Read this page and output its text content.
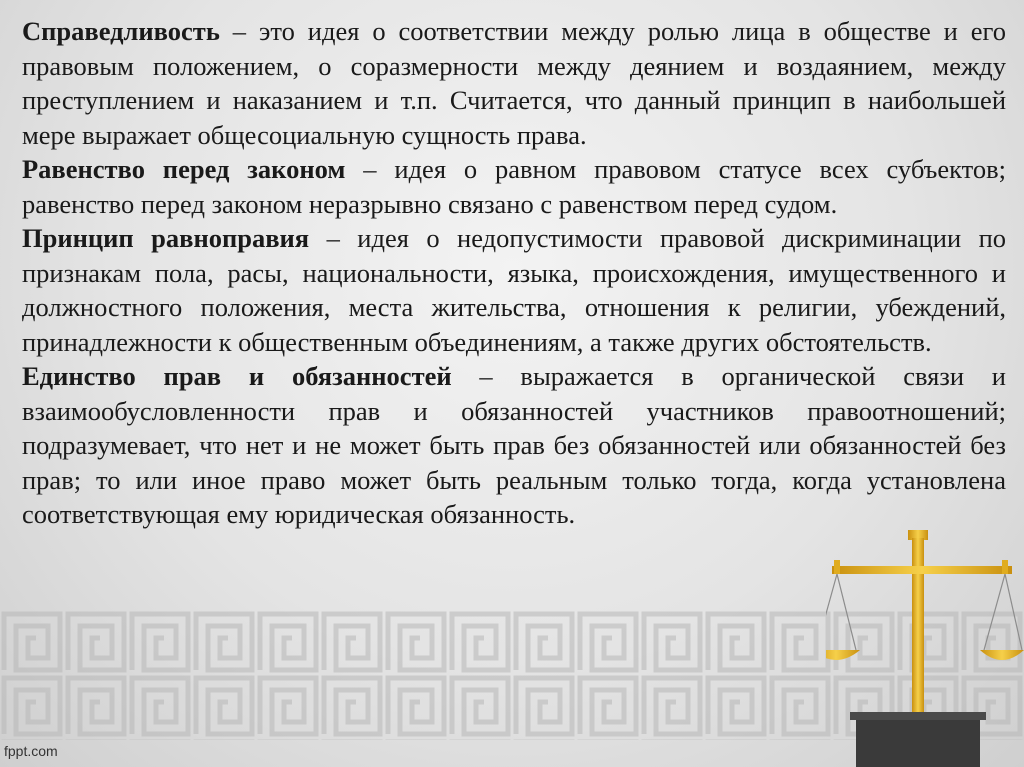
Справедливость – это идея о соответствии между ролью лица в обществе и его правовым положением, о соразмерности между деянием и воздаянием, между преступлением и наказанием и т.п. Считается, что данный принцип в наибольшей мере выражает общесоциальную сущность права.

Равенство перед законом – идея о равном правовом статусе всех субъектов; равенство перед законом неразрывно связано с равенством перед судом.

Принцип равноправия – идея о недопустимости правовой дискриминации по признакам пола, расы, национальности, языка, происхождения, имущественного и должностного положения, места жительства, отношения к религии, убеждений, принадлежности к общественным объединениям, а также других обстоятельств.

Единство прав и обязанностей – выражается в органической связи и взаимообусловленности прав и обязанностей участников правоотношений; подразумевает, что нет и не может быть прав без обязанностей или обязанностей без прав; то или иное право может быть реальным только тогда, когда установлена соответствующая ему юридическая обязанность.

fppt.com
